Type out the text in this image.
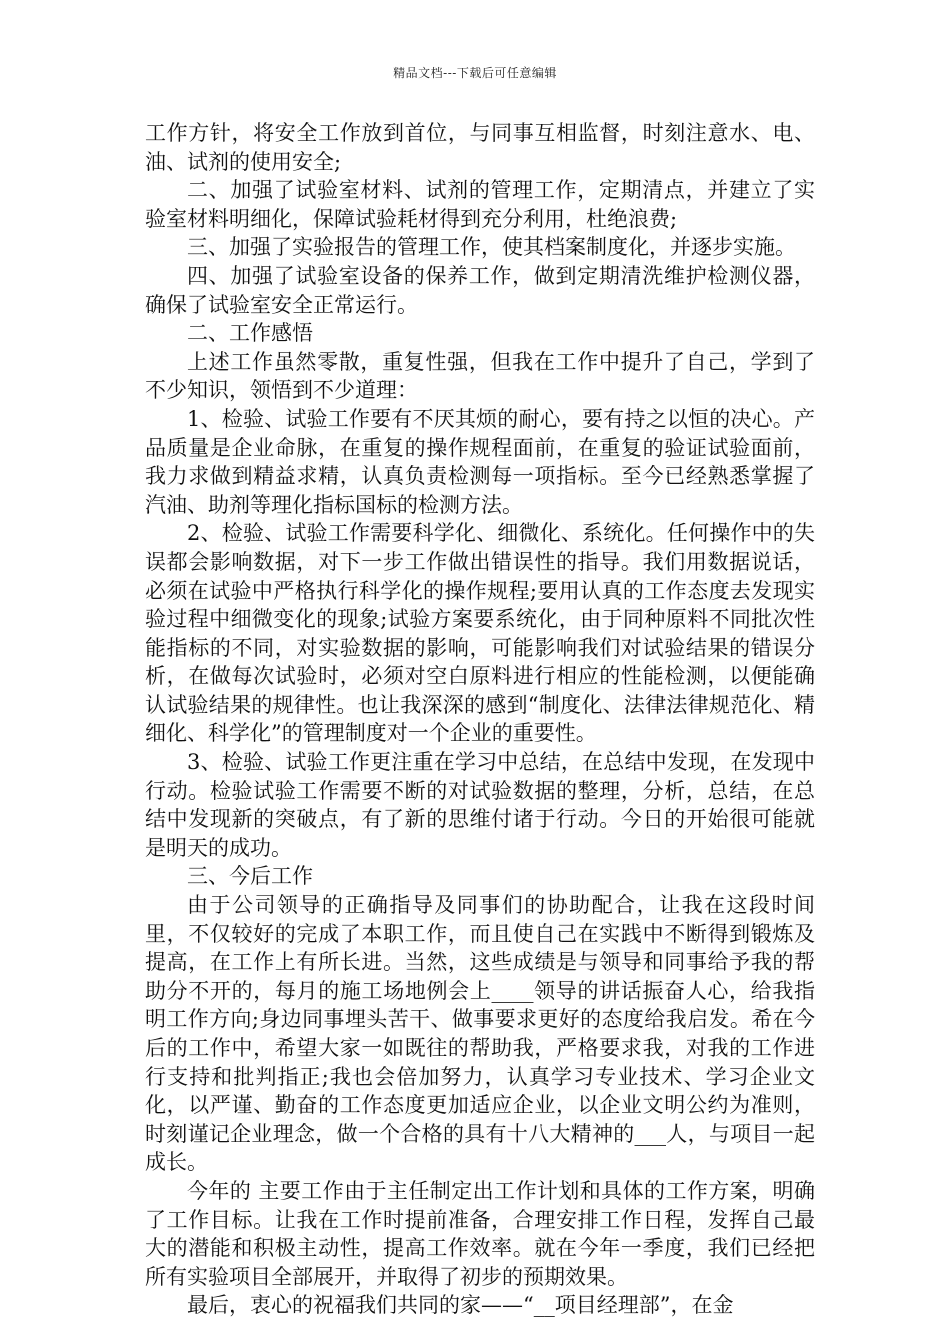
精品文档---下载后可任意编辑

工作方针，将安全工作放到首位，与同事互相监督，时刻注意水、电、油、试剂的使用安全;

二、加强了试验室材料、试剂的管理工作，定期清点，并建立了实验室材料明细化，保障试验耗材得到充分利用，杜绝浪费;

三、加强了实验报告的管理工作，使其档案制度化，并逐步实施。

四、加强了试验室设备的保养工作，做到定期清洗维护检测仪器，确保了试验室安全正常运行。

二、工作感悟

上述工作虽然零散，重复性强，但我在工作中提升了自己，学到了不少知识，领悟到不少道理：

1、检验、试验工作要有不厌其烦的耐心，要有持之以恒的决心。产品质量是企业命脉，在重复的操作规程面前，在重复的验证试验面前，我力求做到精益求精，认真负责检测每一项指标。至今已经熟悉掌握了汽油、助剂等理化指标国标的检测方法。

2、检验、试验工作需要科学化、细微化、系统化。任何操作中的失误都会影响数据，对下一步工作做出错误性的指导。我们用数据说话，必须在试验中严格执行科学化的操作规程;要用认真的工作态度去发现实验过程中细微变化的现象;试验方案要系统化，由于同种原料不同批次性能指标的不同，对实验数据的影响，可能影响我们对试验结果的错误分析，在做每次试验时，必须对空白原料进行相应的性能检测，以便能确认试验结果的规律性。也让我深深的感到“制度化、法律法律规范化、精细化、科学化”的管理制度对一个企业的重要性。

3、检验、试验工作更注重在学习中总结，在总结中发现，在发现中行动。检验试验工作需要不断的对试验数据的整理，分析，总结，在总结中发现新的突破点，有了新的思维付诸于行动。今日的开始很可能就是明天的成功。

三、今后工作

由于公司领导的正确指导及同事们的协助配合，让我在这段时间里，不仅较好的完成了本职工作，而且使自己在实践中不断得到锻炼及提高，在工作上有所长进。当然，这些成绩是与领导和同事给予我的帮助分不开的，每月的施工场地例会上____领导的讲话振奋人心，给我指明工作方向;身边同事埋头苦干、做事要求更好的态度给我启发。希在今后的工作中，希望大家一如既往的帮助我，严格要求我，对我的工作进行支持和批判指正;我也会倍加努力，认真学习专业技术、学习企业文化，以严谨、勤奋的工作态度更加适应企业，以企业文明公约为准则，时刻谨记企业理念，做一个合格的具有十八大精神的___人，与项目一起成长。

今年的 主要工作由于主任制定出工作计划和具体的工作方案，明确了工作目标。让我在工作时提前准备，合理安排工作日程，发挥自己最大的潜能和积极主动性，提高工作效率。就在今年一季度，我们已经把所有实验项目全部展开，并取得了初步的预期效果。

最后，衷心的祝福我们共同的家——“__项目经理部”，在金
